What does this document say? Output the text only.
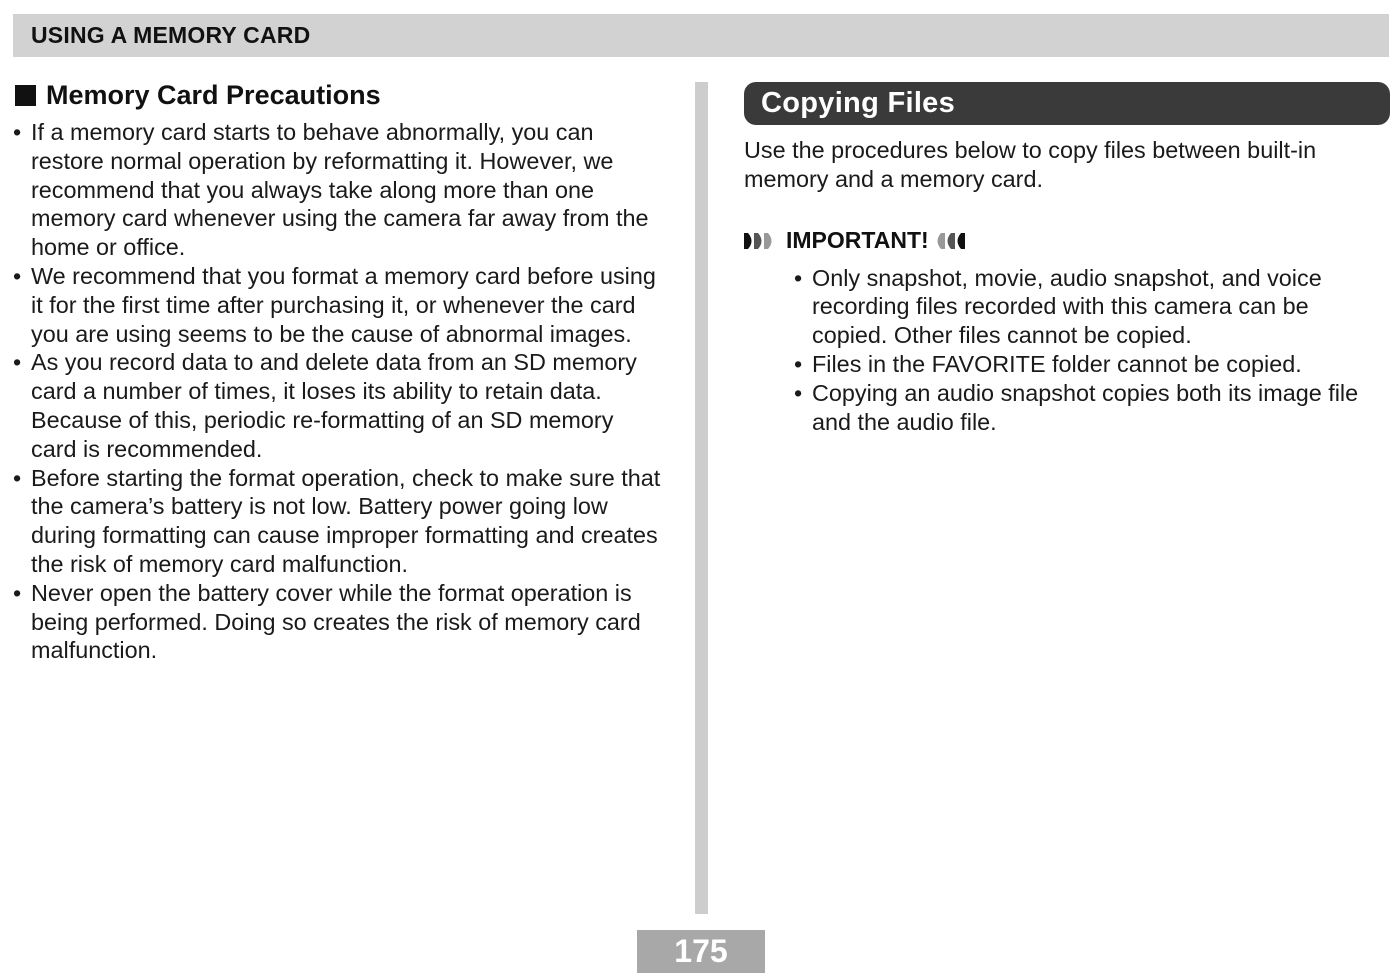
USING A MEMORY CARD
Memory Card Precautions
• If a memory card starts to behave abnormally, you can restore normal operation by reformatting it. However, we recommend that you always take along more than one memory card whenever using the camera far away from the home or office.
• We recommend that you format a memory card before using it for the first time after purchasing it, or whenever the card you are using seems to be the cause of abnormal images.
• As you record data to and delete data from an SD memory card a number of times, it loses its ability to retain data. Because of this, periodic re-formatting of an SD memory card is recommended.
• Before starting the format operation, check to make sure that the camera’s battery is not low. Battery power going low during formatting can cause improper formatting and creates the risk of memory card malfunction.
• Never open the battery cover while the format operation is being performed. Doing so creates the risk of memory card malfunction.
Copying Files
Use the procedures below to copy files between built-in memory and a memory card.
IMPORTANT!
• Only snapshot, movie, audio snapshot, and voice recording files recorded with this camera can be copied. Other files cannot be copied.
• Files in the FAVORITE folder cannot be copied.
• Copying an audio snapshot copies both its image file and the audio file.
175
